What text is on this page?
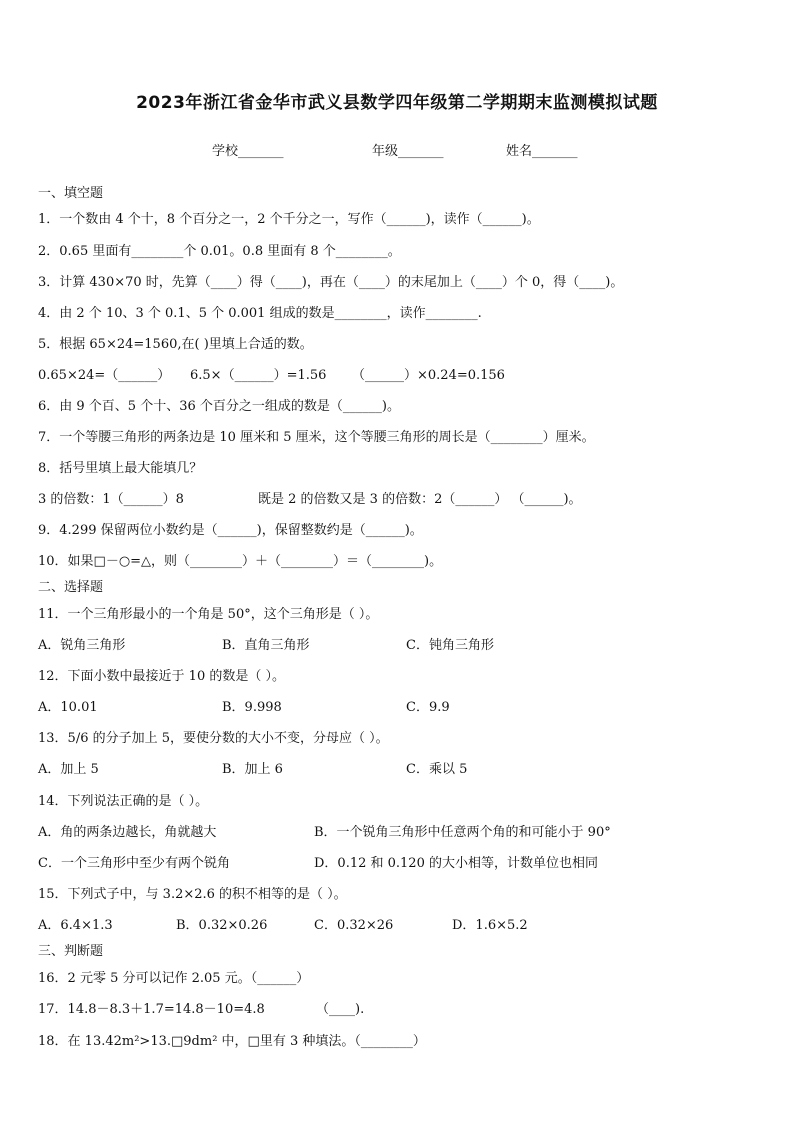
2023年浙江省金华市武义县数学四年级第二学期期末监测模拟试题
学校_______	年级_______	姓名_______
一、填空题
1．一个数由 4 个十，8 个百分之一，2 个千分之一，写作（______)，读作（______)。
2．0.65 里面有________个 0.01。0.8 里面有 8 个________。
3．计算 430×70 时，先算（____）得（____)，再在（____）的末尾加上（____）个 0，得（____)。
4．由 2 个 10、3 个 0.1、5 个 0.001 组成的数是________，读作________.
5．根据 65×24=1560,在( )里填上合适的数。
0.65×24=（______） 6.5×（______）=1.56 （______）×0.24=0.156
6．由 9 个百、5 个十、36 个百分之一组成的数是（______)。
7．一个等腰三角形的两条边是 10 厘米和 5 厘米，这个等腰三角形的周长是（________）厘米。
8．括号里填上最大能填几？
3 的倍数：1（______）8	既是 2 的倍数又是 3 的倍数：2（______） （______)。
9．4.299 保留两位小数约是（______)，保留整数约是（______)。
10．如果□－○=△，则（________）＋（________）＝（________)。
二、选择题
11．一个三角形最小的一个角是 50°，这个三角形是（ ）。
A．锐角三角形	B．直角三角形	C．钝角三角形
12．下面小数中最接近于 10 的数是（ ）。
A．10.01	B．9.998	C．9.9
13．5/6 的分子加上 5，要使分数的大小不变，分母应（ ）。
A．加上 5	B．加上 6	C．乘以 5
14．下列说法正确的是（ ）。
A．角的两条边越长，角就越大	B．一个锐角三角形中任意两个角的和可能小于 90°
C．一个三角形中至少有两个锐角	D．0.12 和 0.120 的大小相等，计数单位也相同
15．下列式子中，与 3.2×2.6 的积不相等的是（ ）。
A．6.4×1.3	B．0.32×0.26	C．0.32×26	D．1.6×5.2
三、判断题
16．2 元零 5 分可以记作 2.05 元。（______）
17．14.8－8.3＋1.7=14.8－10=4.8	（____).
18．在 13.42m²>13.□9dm² 中，□里有 3 种填法。（________）
